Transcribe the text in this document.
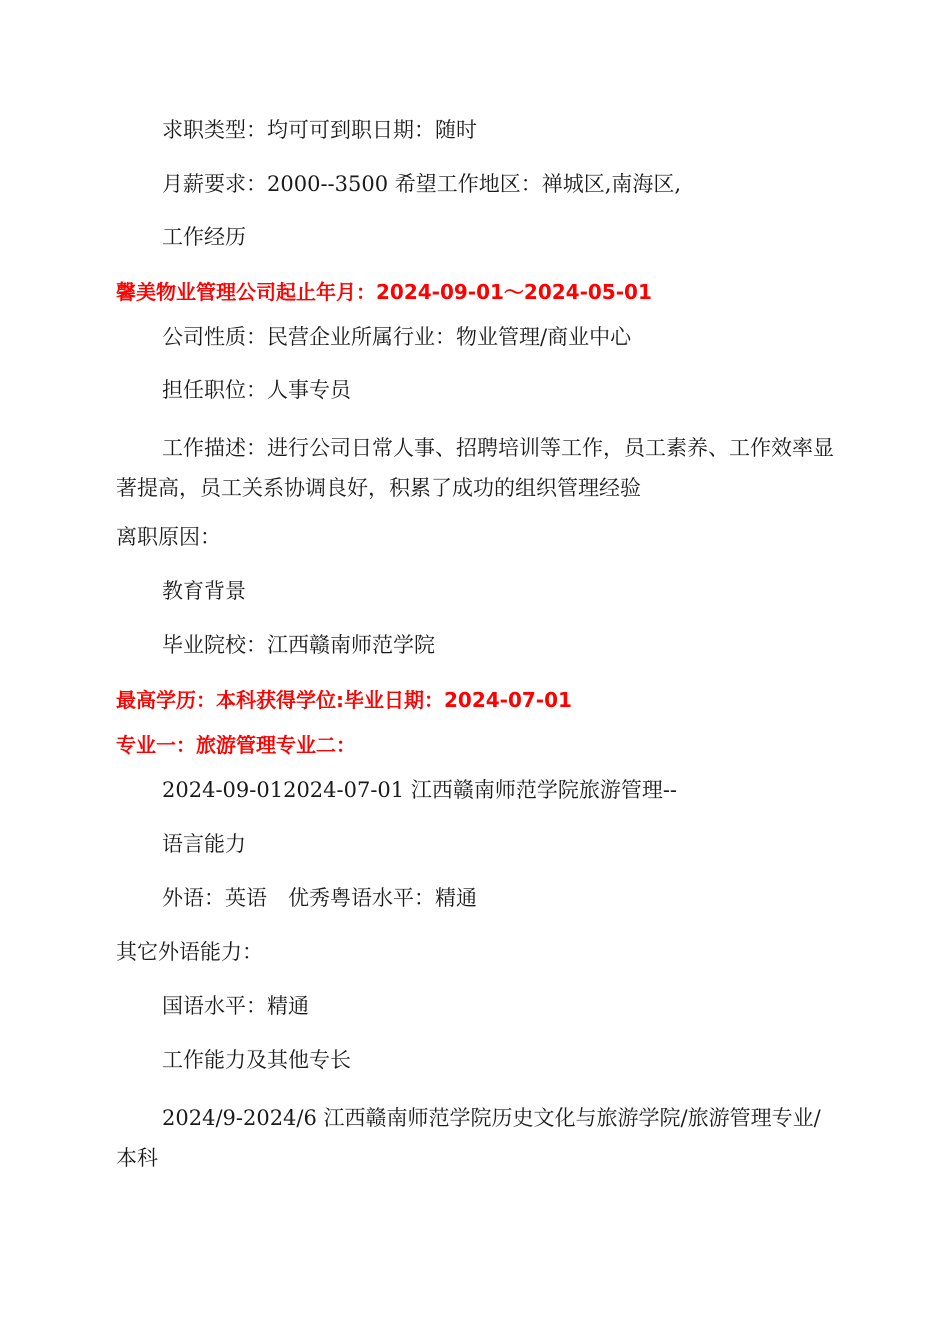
求职类型：均可可到职日期：随时

月薪要求：2000--3500 希望工作地区：禅城区,南海区,

工作经历

馨美物业管理公司起止年月：2024-09-01～2024-05-01

公司性质：民营企业所属行业：物业管理/商业中心

担任职位：人事专员

工作描述：进行公司日常人事、招聘培训等工作，员工素养、工作效率显著提高，员工关系协调良好，积累了成功的组织管理经验

离职原因：

教育背景

毕业院校：江西赣南师范学院

最高学历：本科获得学位:毕业日期：2024-07-01

专业一：旅游管理专业二：

2024-09-012024-07-01 江西赣南师范学院旅游管理--

语言能力

外语：英语　优秀粤语水平：精通

其它外语能力：

国语水平：精通

工作能力及其他专长

2024/9-2024/6 江西赣南师范学院历史文化与旅游学院/旅游管理专业/本科
